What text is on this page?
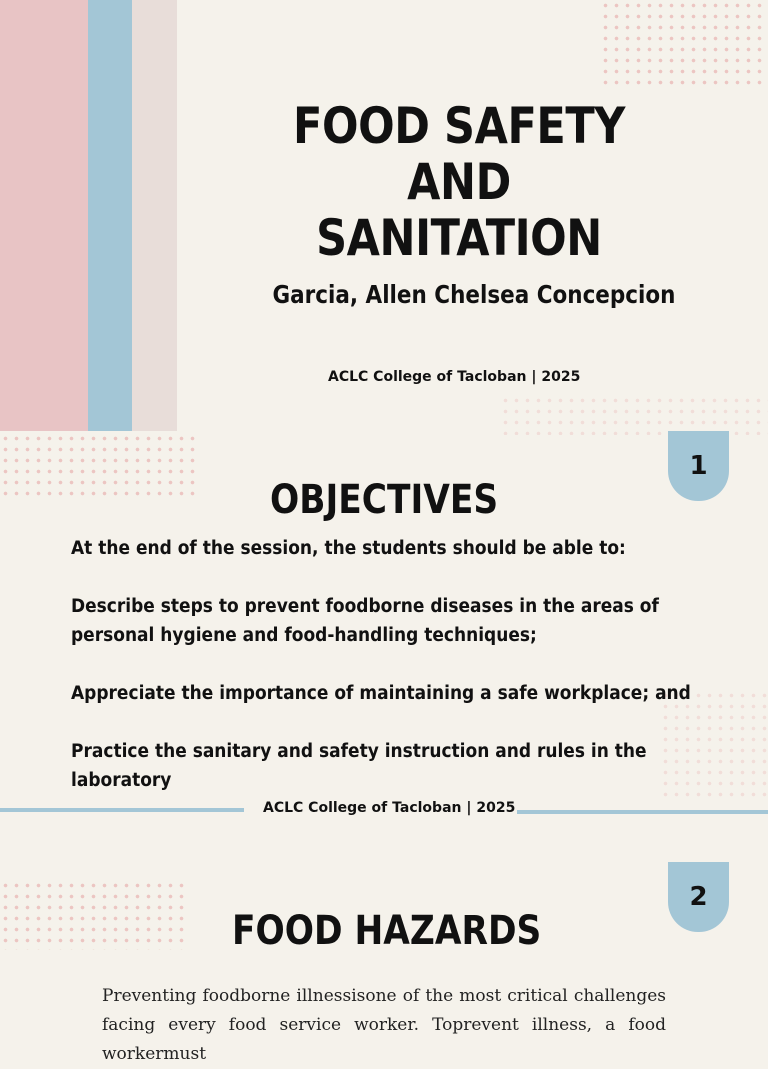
FOOD SAFETY
AND
SANITATION
Garcia, Allen Chelsea Concepcion
ACLC College of Tacloban | 2025
1
OBJECTIVES

At the end of the session, the students should be able to:

Describe steps to prevent foodborne diseases in the areas of

personal hygiene and food-handling techniques;

Appreciate the importance of maintaining a safe workplace; and

Practice the sanitary and safety instruction and rules in the

laboratory

ACLC College of Tacloban | 2025
2
FOOD HAZARDS
Preventing foodborne illnessisone of the most critical challenges facing every food service worker. Toprevent illness, a food workermust
